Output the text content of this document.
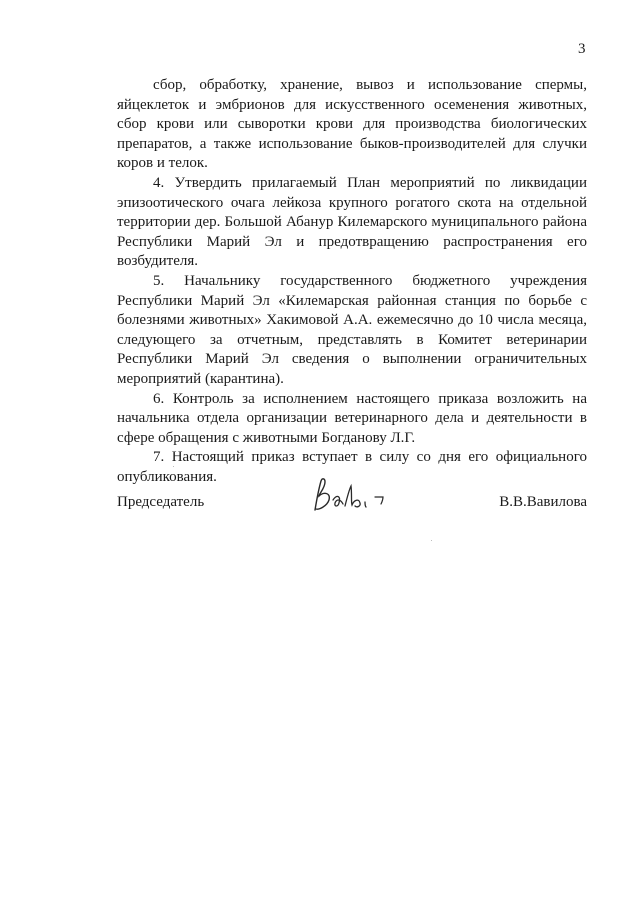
3

сбор, обработку, хранение, вывоз и использование спермы, яйцеклеток и эмбрионов для искусственного осеменения животных, сбор крови или сыворотки крови для производства биологических препаратов, а также использование быков-производителей для случки коров и телок.

4. Утвердить прилагаемый План мероприятий по ликвидации эпизоотического очага лейкоза крупного рогатого скота на отдельной территории дер. Большой Абанур Килемарского муниципального района Республики Марий Эл и предотвращению распространения его возбудителя.

5. Начальнику государственного бюджетного учреждения Республики Марий Эл «Килемарская районная станция по борьбе с болезнями животных» Хакимовой А.А. ежемесячно до 10 числа месяца, следующего за отчетным, представлять в Комитет ветеринарии Республики Марий Эл сведения о выполнении ограничительных мероприятий (карантина).

6. Контроль за исполнением настоящего приказа возложить на начальника отдела организации ветеринарного дела и деятельности в сфере обращения с животными Богданову Л.Г.

7. Настоящий приказ вступает в силу со дня его официального опубликования.

Председатель	В.В.Вавилова
